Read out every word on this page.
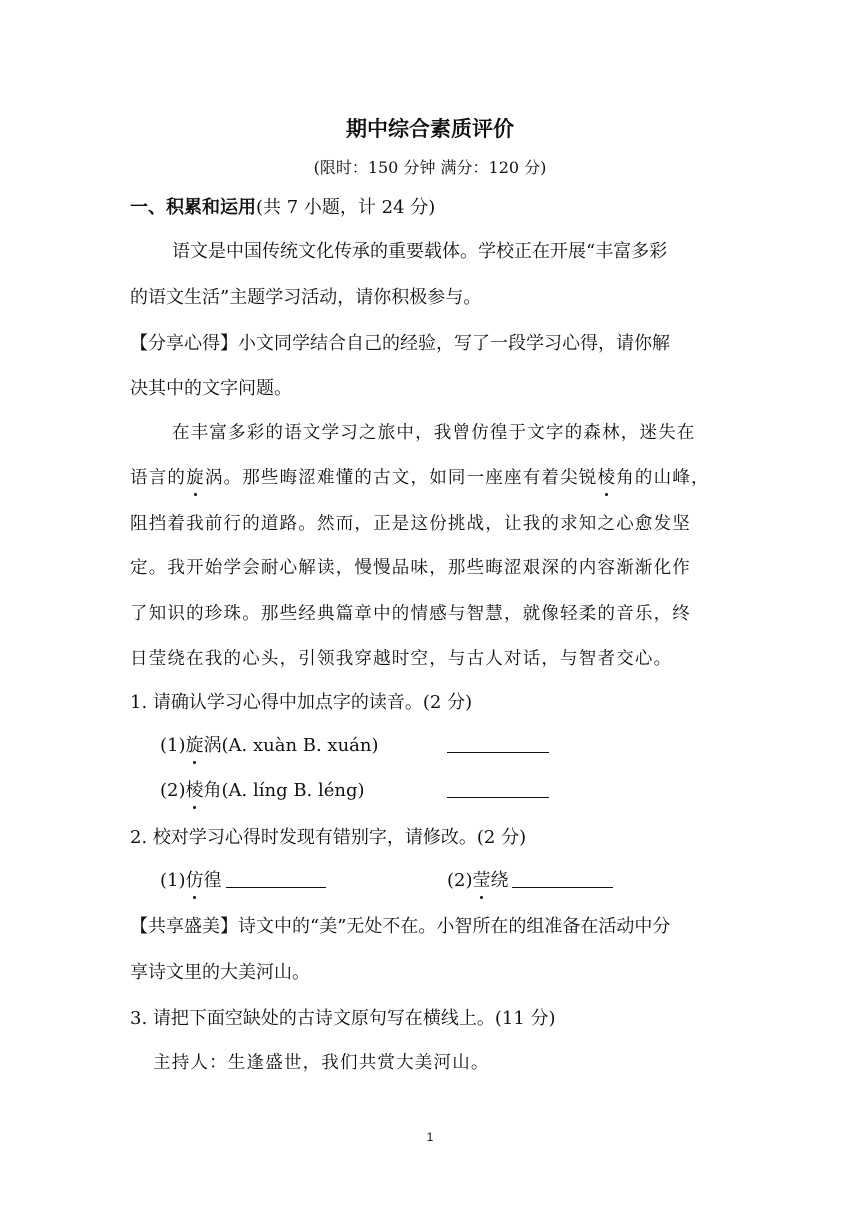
期中综合素质评价
(限时：150 分钟 满分：120 分)
一、积累和运用(共 7 小题，计 24 分)
语文是中国传统文化传承的重要载体。学校正在开展“丰富多彩
的语文生活”主题学习活动，请你积极参与。
【分享心得】小文同学结合自己的经验，写了一段学习心得，请你解
决其中的文字问题。
在丰富多彩的语文学习之旅中，我曾仿徨于文字的森林，迷失在
语言的旋涡。那些晦涩难懂的古文，如同一座座有着尖锐棱角的山峰，
阻挡着我前行的道路。然而，正是这份挑战，让我的求知之心愈发坚
定。我开始学会耐心解读，慢慢品味，那些晦涩艰深的内容渐渐化作
了知识的珍珠。那些经典篇章中的情感与智慧，就像轻柔的音乐，终
日莹绕在我的心头，引领我穿越时空，与古人对话，与智者交心。
1. 请确认学习心得中加点字的读音。(2 分)
(1)旋涡(A. xuàn B. xuán)
(2)棱角(A. líng B. léng)
2. 校对学习心得时发现有错别字，请修改。(2 分)
(1)仿徨	(2)莹绕
【共享盛美】诗文中的“美”无处不在。小智所在的组准备在活动中分
享诗文里的大美河山。
3. 请把下面空缺处的古诗文原句写在横线上。(11 分)
主持人：生逢盛世，我们共赏大美河山。
1
